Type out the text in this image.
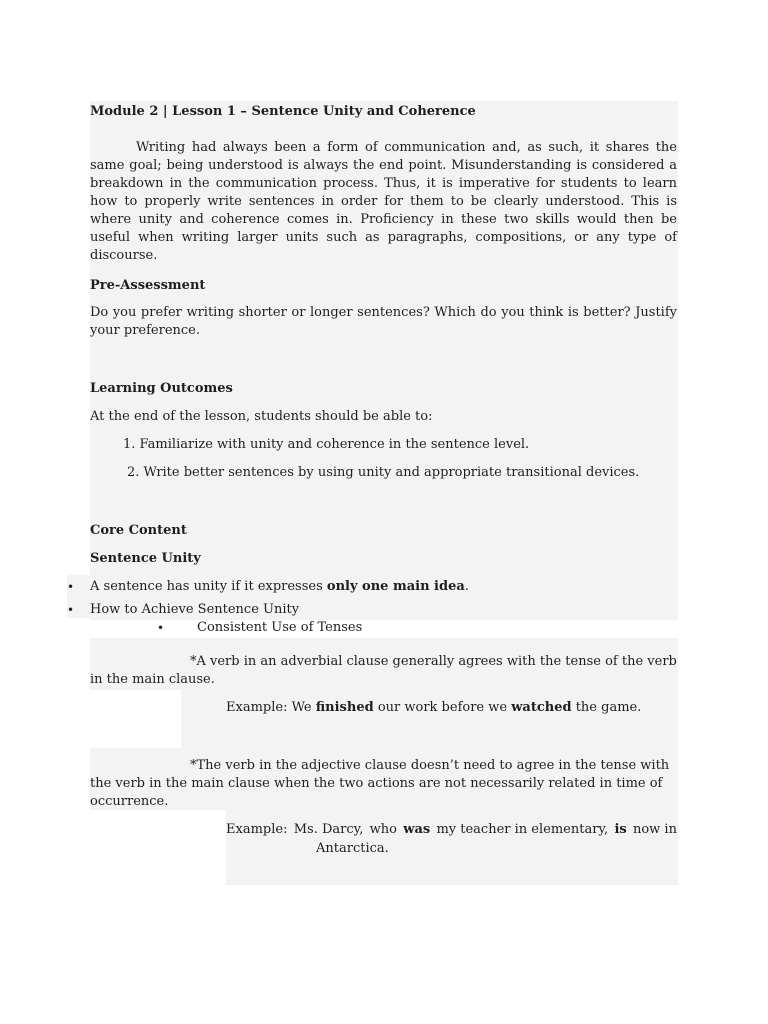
Module 2 | Lesson 1 – Sentence Unity and Coherence
Writing had always been a form of communication and, as such, it shares the same goal; being understood is always the end point. Misunderstanding is considered a breakdown in the communication process. Thus, it is imperative for students to learn how to properly write sentences in order for them to be clearly understood. This is where unity and coherence comes in. Proficiency in these two skills would then be useful when writing larger units such as paragraphs, compositions, or any type of discourse.
Pre-Assessment
Do you prefer writing shorter or longer sentences? Which do you think is better? Justify your preference.
Learning Outcomes
At the end of the lesson, students should be able to:
1. Familiarize with unity and coherence in the sentence level.
2. Write better sentences by using unity and appropriate transitional devices.
Core Content
Sentence Unity
• A sentence has unity if it expresses only one main idea.
• How to Achieve Sentence Unity
•	Consistent Use of Tenses
*A verb in an adverbial clause generally agrees with the tense of the verb in the main clause.
Example: We finished our work before we watched the game.
*The verb in the adjective clause doesn’t need to agree in the tense with the verb in the main clause when the two actions are not necessarily related in time of occurrence.
Example: Ms. Darcy, who was my teacher in elementary, is now in
Antarctica.
